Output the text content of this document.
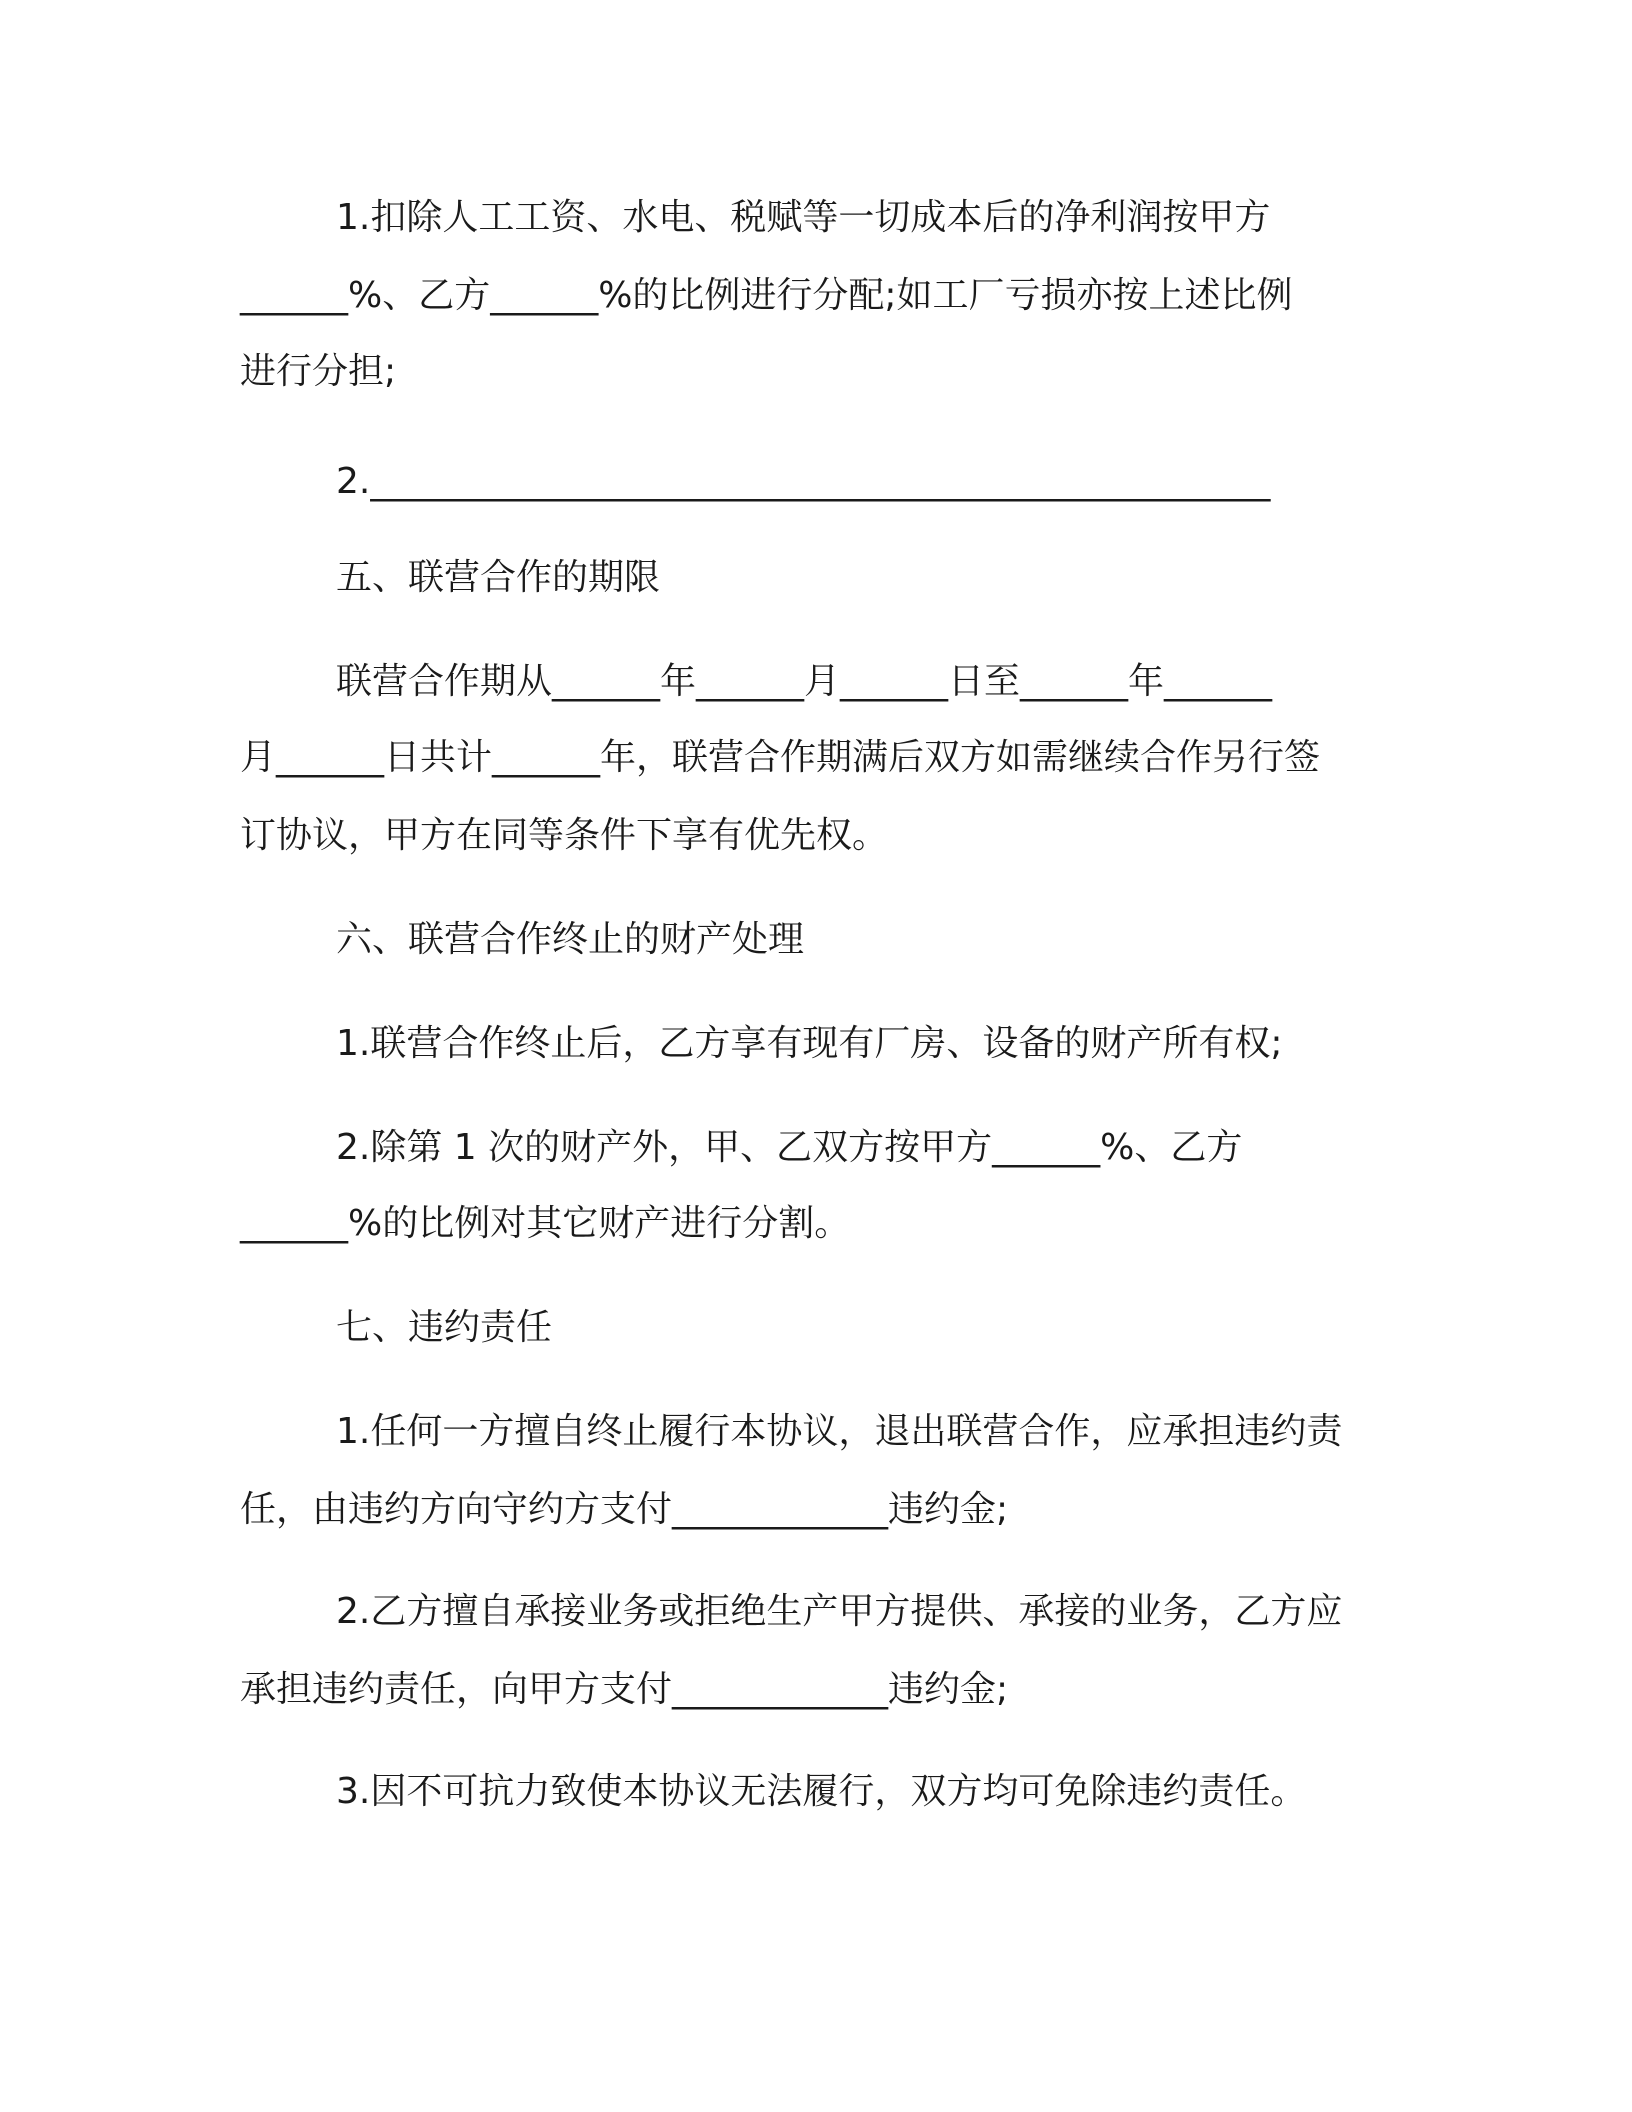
1.扣除人工工资、水电、税赋等一切成本后的净利润按甲方
______%、乙方______%的比例进行分配;如工厂亏损亦按上述比例
进行分担;
2.__________________________________________________
五、联营合作的期限
联营合作期从______年______月______日至______年______
月______日共计______年，联营合作期满后双方如需继续合作另行签
订协议，甲方在同等条件下享有优先权。
六、联营合作终止的财产处理
1.联营合作终止后，乙方享有现有厂房、设备的财产所有权;
2.除第 1 次的财产外，甲、乙双方按甲方______%、乙方
______%的比例对其它财产进行分割。
七、违约责任
1.任何一方擅自终止履行本协议，退出联营合作，应承担违约责
任，由违约方向守约方支付____________违约金;
2.乙方擅自承接业务或拒绝生产甲方提供、承接的业务，乙方应
承担违约责任，向甲方支付____________违约金;
3.因不可抗力致使本协议无法履行，双方均可免除违约责任。
